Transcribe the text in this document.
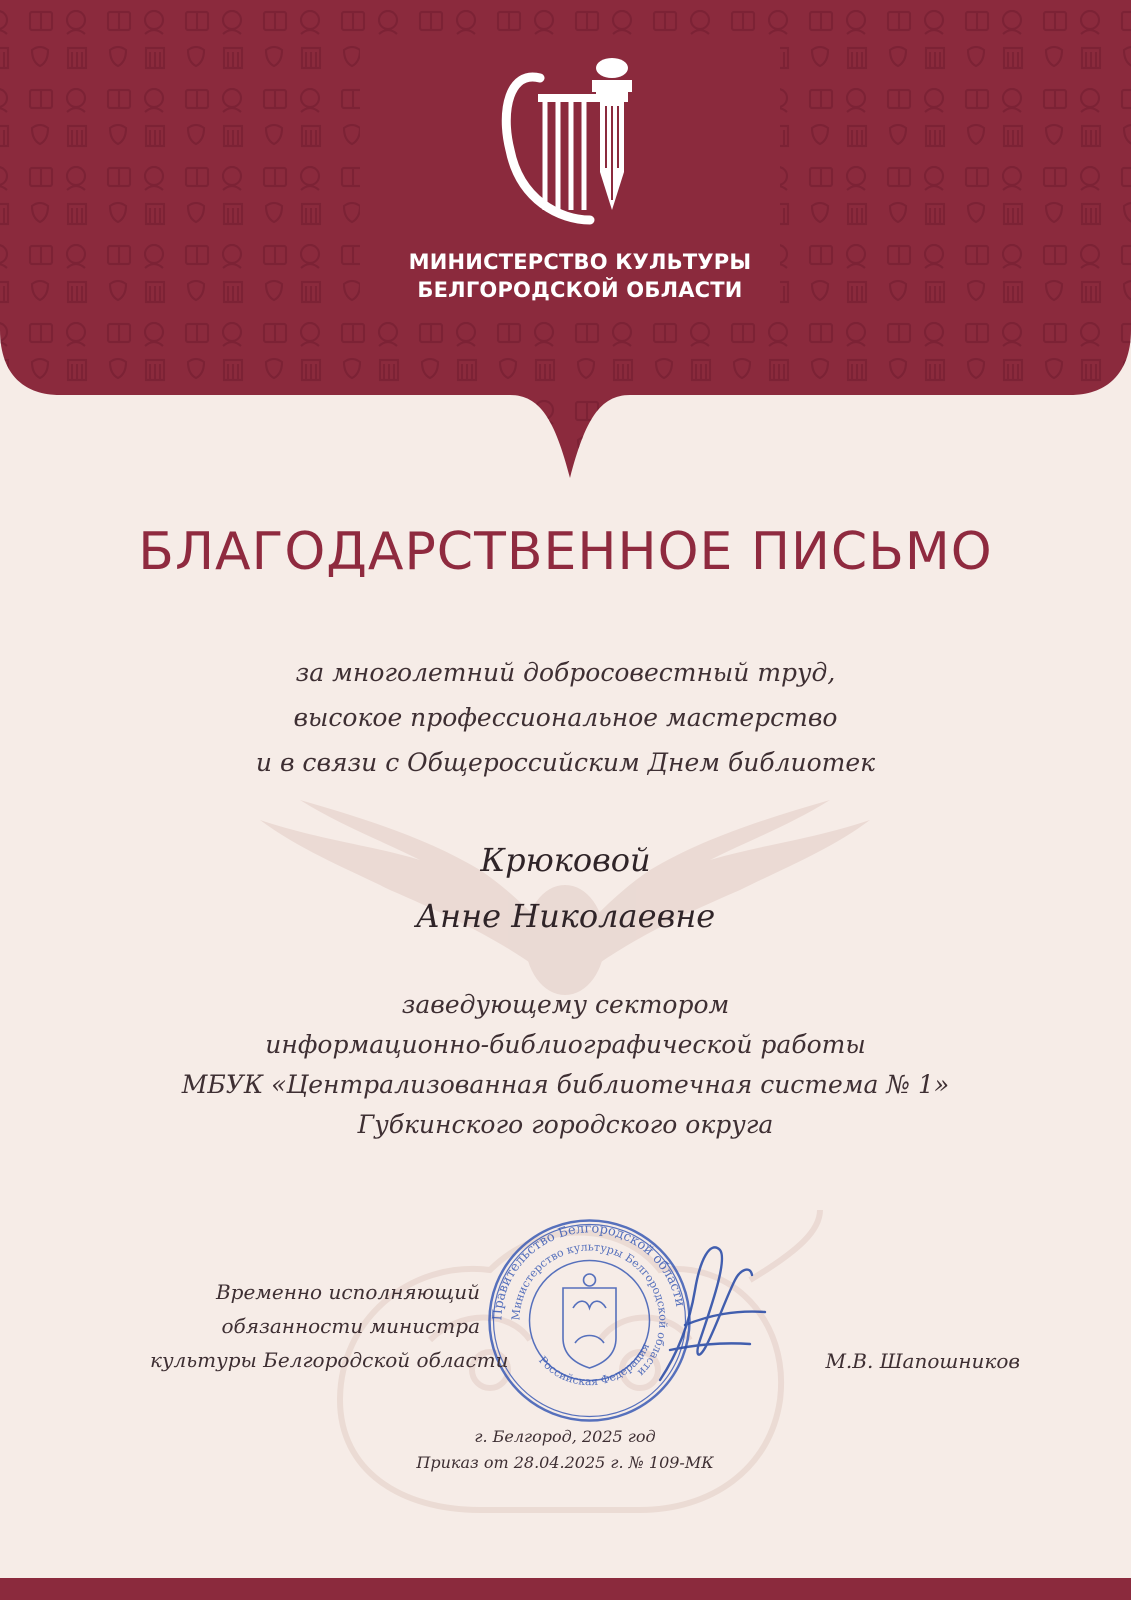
МИНИСТЕРСТВО КУЛЬТУРЫ
БЕЛГОРОДСКОЙ ОБЛАСТИ
БЛАГОДАРСТВЕННОЕ ПИСЬМО
за многолетний добросовестный труд,
высокое профессиональное мастерство
и в связи с Общероссийским Днем библиотек
Крюковой
Анне Николаевне
заведующему сектором
информационно-библиографической работы
МБУК «Централизованная библиотечная система № 1»
Губкинского городского округа
Правительство Белгородской области
Министерство культуры Белгородской области
Российская Федерация
Временно исполняющий
обязанности министра
культуры Белгородской области	М.В. Шапошников
г. Белгород, 2025 год
Приказ от 28.04.2025 г. № 109-МК
